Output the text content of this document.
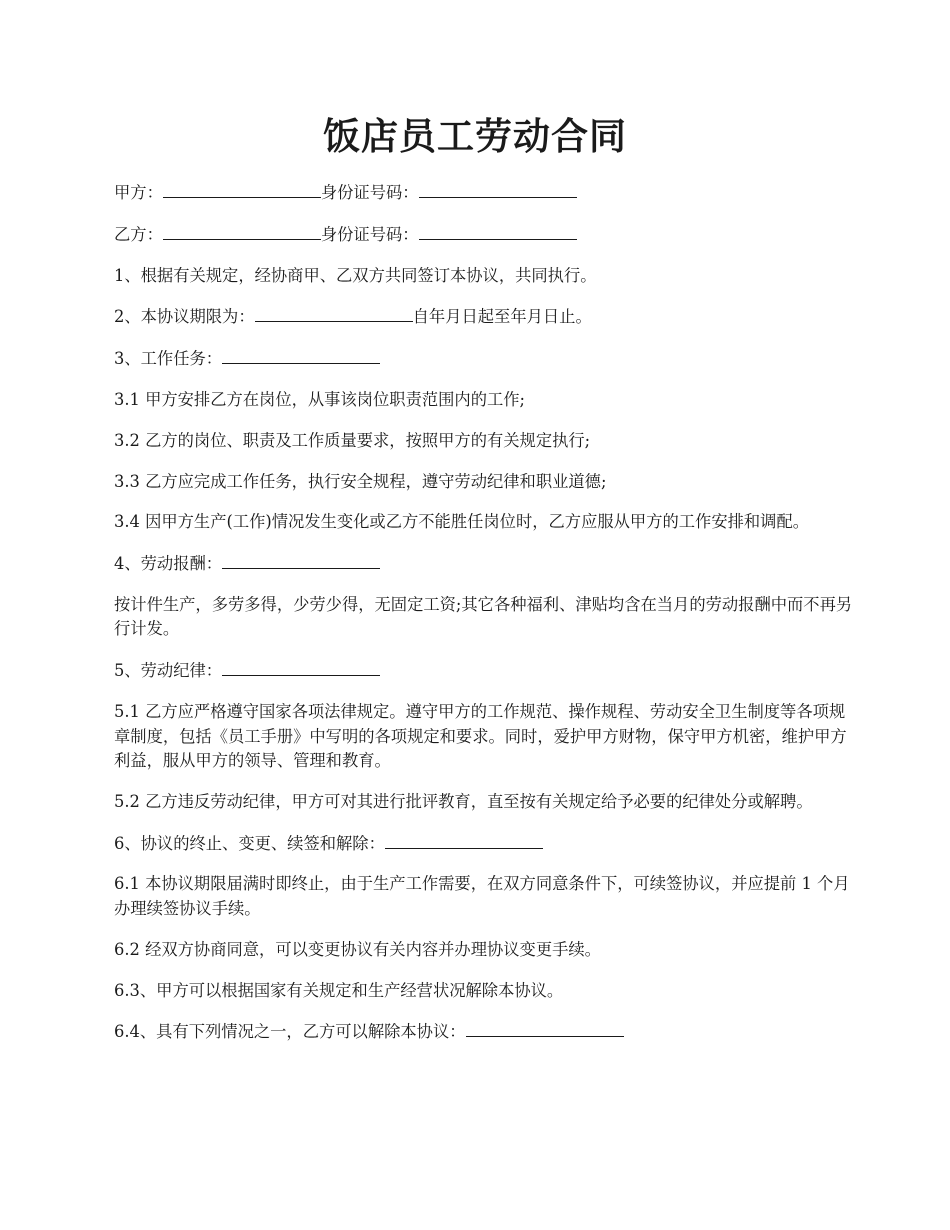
饭店员工劳动合同

甲方：	身份证号码：

乙方：	身份证号码：

1、根据有关规定，经协商甲、乙双方共同签订本协议，共同执行。

2、本协议期限为：	自年月日起至年月日止。

3、工作任务：

3.1 甲方安排乙方在岗位，从事该岗位职责范围内的工作;

3.2 乙方的岗位、职责及工作质量要求，按照甲方的有关规定执行;

3.3 乙方应完成工作任务，执行安全规程，遵守劳动纪律和职业道德;

3.4 因甲方生产(工作)情况发生变化或乙方不能胜任岗位时，乙方应服从甲方的工作安排和调配。

4、劳动报酬：

按计件生产，多劳多得，少劳少得，无固定工资;其它各种福利、津贴均含在当月的劳动报酬中而不再另行计发。

5、劳动纪律：

5.1 乙方应严格遵守国家各项法律规定。遵守甲方的工作规范、操作规程、劳动安全卫生制度等各项规章制度，包括《员工手册》中写明的各项规定和要求。同时，爱护甲方财物，保守甲方机密，维护甲方利益，服从甲方的领导、管理和教育。

5.2 乙方违反劳动纪律，甲方可对其进行批评教育，直至按有关规定给予必要的纪律处分或解聘。

6、协议的终止、变更、续签和解除：

6.1 本协议期限届满时即终止，由于生产工作需要，在双方同意条件下，可续签协议，并应提前 1 个月办理续签协议手续。

6.2 经双方协商同意，可以变更协议有关内容并办理协议变更手续。

6.3、甲方可以根据国家有关规定和生产经营状况解除本协议。

6.4、具有下列情况之一，乙方可以解除本协议：
